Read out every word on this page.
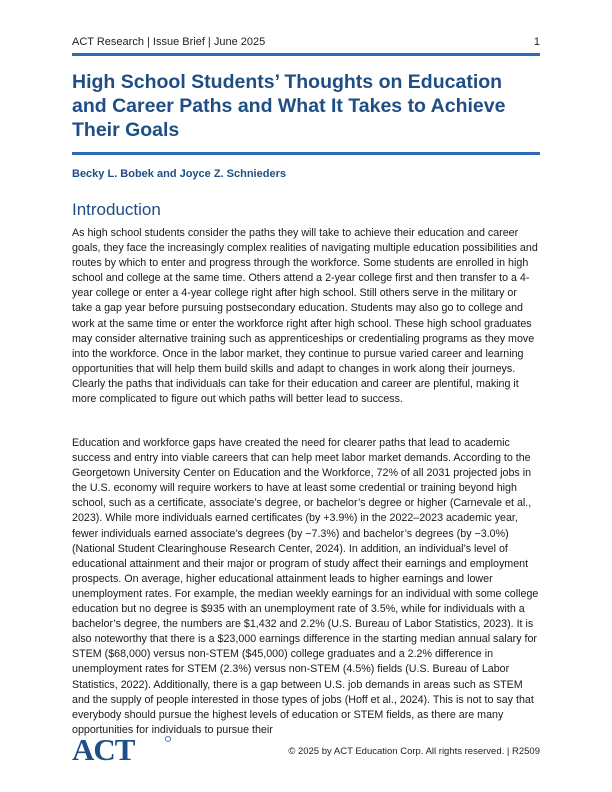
ACT Research | Issue Brief | June 2025	1
High School Students’ Thoughts on Education and Career Paths and What It Takes to Achieve Their Goals

Becky L. Bobek and Joyce Z. Schnieders

Introduction

As high school students consider the paths they will take to achieve their education and career goals, they face the increasingly complex realities of navigating multiple education possibilities and routes by which to enter and progress through the workforce. Some students are enrolled in high school and college at the same time. Others attend a 2-year college first and then transfer to a 4-year college or enter a 4-year college right after high school. Still others serve in the military or take a gap year before pursuing postsecondary education. Students may also go to college and work at the same time or enter the workforce right after high school. These high school graduates may consider alternative training such as apprenticeships or credentialing programs as they move into the workforce. Once in the labor market, they continue to pursue varied career and learning opportunities that will help them build skills and adapt to changes in work along their journeys. Clearly the paths that individuals can take for their education and career are plentiful, making it more complicated to figure out which paths will better lead to success.

Education and workforce gaps have created the need for clearer paths that lead to academic success and entry into viable careers that can help meet labor market demands. According to the Georgetown University Center on Education and the Workforce, 72% of all 2031 projected jobs in the U.S. economy will require workers to have at least some credential or training beyond high school, such as a certificate, associate’s degree, or bachelor’s degree or higher (Carnevale et al., 2023). While more individuals earned certificates (by +3.9%) in the 2022–2023 academic year, fewer individuals earned associate’s degrees (by −7.3%) and bachelor’s degrees (by −3.0%) (National Student Clearinghouse Research Center, 2024). In addition, an individual’s level of educational attainment and their major or program of study affect their earnings and employment prospects. On average, higher educational attainment leads to higher earnings and lower unemployment rates. For example, the median weekly earnings for an individual with some college education but no degree is $935 with an unemployment rate of 3.5%, while for individuals with a bachelor’s degree, the numbers are $1,432 and 2.2% (U.S. Bureau of Labor Statistics, 2023). It is also noteworthy that there is a $23,000 earnings difference in the starting median annual salary for STEM ($68,000) versus non-STEM ($45,000) college graduates and a 2.2% difference in unemployment rates for STEM (2.3%) versus non-STEM (4.5%) fields (U.S. Bureau of Labor Statistics, 2022). Additionally, there is a gap between U.S. job demands in areas such as STEM and the supply of people interested in those types of jobs (Hoff et al., 2024). This is not to say that everybody should pursue the highest levels of education or STEM fields, as there are many opportunities for individuals to pursue their

ACT	© 2025 by ACT Education Corp. All rights reserved. | R2509
